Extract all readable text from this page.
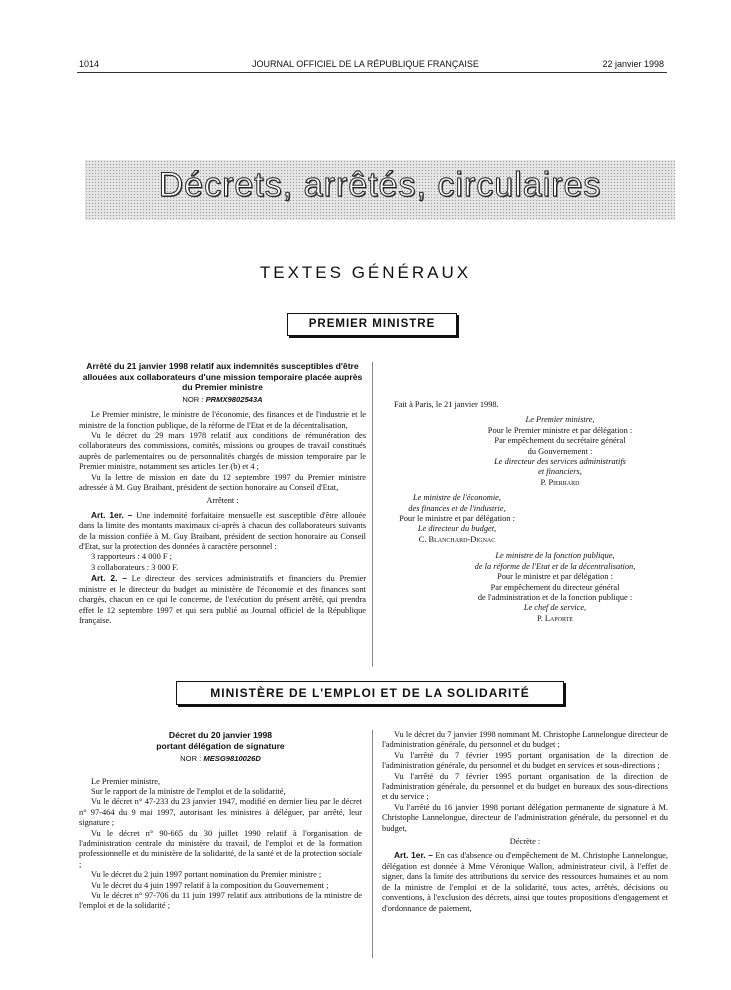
1014	JOURNAL OFFICIEL DE LA RÉPUBLIQUE FRANÇAISE	22 janvier 1998
Décrets, arrêtés, circulaires
TEXTES GÉNÉRAUX
PREMIER MINISTRE
Arrêté du 21 janvier 1998 relatif aux indemnités susceptibles d'être allouées aux collaborateurs d'une mission temporaire placée auprès du Premier ministre
NOR : PRMX9802543A

Le Premier ministre, le ministre de l'économie, des finances et de l'industrie et le ministre de la fonction publique, de la réforme de l'Etat et de la décentralisation,

Vu le décret du 29 mars 1978 relatif aux conditions de rémunération des collaborateurs des commissions, comités, missions ou groupes de travail constitués auprès de parlementaires ou de personnalités chargés de mission temporaire par le Premier ministre, notamment ses articles 1er (b) et 4 ;

Vu la lettre de mission en date du 12 septembre 1997 du Premier ministre adressée à M. Guy Braibant, président de section honoraire au Conseil d'Etat,

Arrêtent :

Art. 1er. – Une indemnité forfaitaire mensuelle est susceptible d'être allouée dans la limite des montants maximaux ci-après à chacun des collaborateurs suivants de la mission confiée à M. Guy Braibant, président de section honoraire au Conseil d'Etat, sur la protection des données à caractère personnel :

3 rapporteurs : 4 000 F ;

3 collaborateurs : 3 000 F.

Art. 2. – Le directeur des services administratifs et financiers du Premier ministre et le directeur du budget au ministère de l'économie et des finances sont chargés, chacun en ce qui le concerne, de l'exécution du présent arrêté, qui prendra effet le 12 septembre 1997 et qui sera publié au Journal officiel de la République française.

Fait à Paris, le 21 janvier 1998.

Le Premier ministre,
Pour le Premier ministre et par délégation :
Par empêchement du secrétaire général
du Gouvernement :
Le directeur des services administratifs
et financiers,
P. Pierrard
Le ministre de l'économie,
des finances et de l'industrie,
Pour le ministre et par délégation :
Le directeur du budget,
C. Blanchard-Dignac
Le ministre de la fonction publique,
de la réforme de l'Etat et de la décentralisation,
Pour le ministre et par délégation :
Par empêchement du directeur général
de l'administration et de la fonction publique :
Le chef de service,
P. Laporte
MINISTÈRE DE L'EMPLOI ET DE LA SOLIDARITÉ
Décret du 20 janvier 1998
portant délégation de signature
NOR : MESG9810026D

Le Premier ministre,

Sur le rapport de la ministre de l'emploi et de la solidarité,

Vu le décret n° 47-233 du 23 janvier 1947, modifié en dernier lieu par le décret n° 97-464 du 9 mai 1997, autorisant les ministres à déléguer, par arrêté, leur signature ;

Vu le décret n° 90-665 du 30 juillet 1990 relatif à l'organisation de l'administration centrale du ministère du travail, de l'emploi et de la formation professionnelle et du ministère de la solidarité, de la santé et de la protection sociale ;

Vu le décret du 2 juin 1997 portant nomination du Premier ministre ;

Vu le décret du 4 juin 1997 relatif à la composition du Gouvernement ;

Vu le décret n° 97-706 du 11 juin 1997 relatif aux attributions de la ministre de l'emploi et de la solidarité ;

Vu le décret du 7 janvier 1998 nommant M. Christophe Lannelongue directeur de l'administration générale, du personnel et du budget ;

Vu l'arrêté du 7 février 1995 portant organisation de la direction de l'administration générale, du personnel et du budget en services et sous-directions ;

Vu l'arrêté du 7 février 1995 portant organisation de la direction de l'administration générale, du personnel et du budget en bureaux des sous-directions et du service ;

Vu l'arrêté du 16 janvier 1998 portant délégation permanente de signature à M. Christophe Lannelongue, directeur de l'administration générale, du personnel et du budget,

Décrète :

Art. 1er. – En cas d'absence ou d'empêchement de M. Christophe Lannelongue, délégation est donnée à Mme Véronique Wallon, administrateur civil, à l'effet de signer, dans la limite des attributions du service des ressources humaines et au nom de la ministre de l'emploi et de la solidarité, tous actes, arrêtés, décisions ou conventions, à l'exclusion des décrets, ainsi que toutes propositions d'engagement et d'ordonnance de paiement,
